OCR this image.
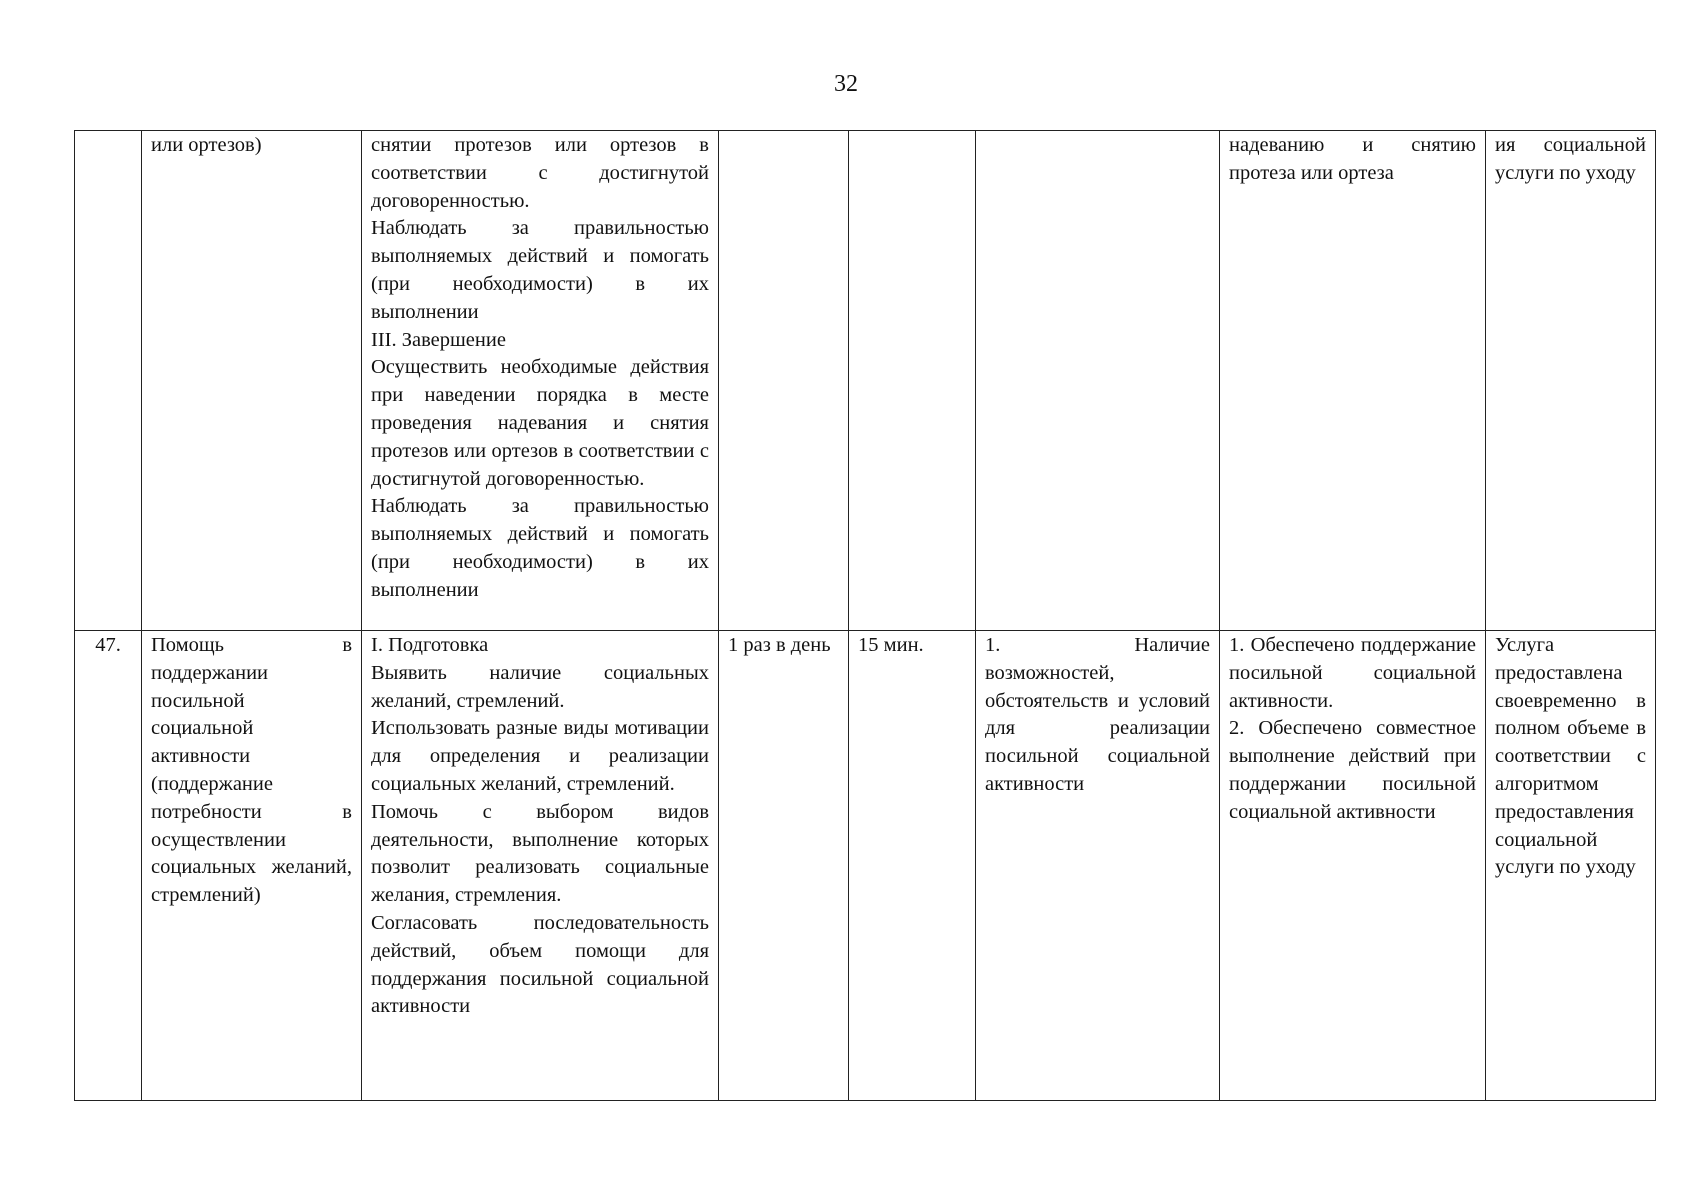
32
	или ортезов)	снятии протезов или ортезов в соответствии с достигнутой договоренностью.
Наблюдать за правильностью выполняемых действий и помогать (при необходимости) в их выполнении
III. Завершение
Осуществить необходимые действия при наведении порядка в месте проведения надевания и снятия протезов или ортезов в соответствии с достигнутой договоренностью.
Наблюдать за правильностью выполняемых действий и помогать (при необходимости) в их выполнении				надеванию и снятию протеза или ортеза	ия социальной услуги по уходу
47.	Помощь в поддержании посильной социальной активности (поддержание потребности в осуществлении социальных желаний, стремлений)	I. Подготовка
Выявить наличие социальных желаний, стремлений.
Использовать разные виды мотивации для определения и реализации социальных желаний, стремлений.
Помочь с выбором видов деятельности, выполнение которых позволит реализовать социальные желания, стремления.
Согласовать последовательность действий, объем помощи для поддержания посильной социальной активности	1 раз в день	15 мин.	1. Наличие возможностей, обстоятельств и условий для реализации посильной социальной активности	1. Обеспечено поддержание посильной социальной активности.
2. Обеспечено совместное выполнение действий при поддержании посильной социальной активности	Услуга предоставлена своевременно в полном объеме в соответствии с алгоритмом предоставления социальной услуги по уходу
